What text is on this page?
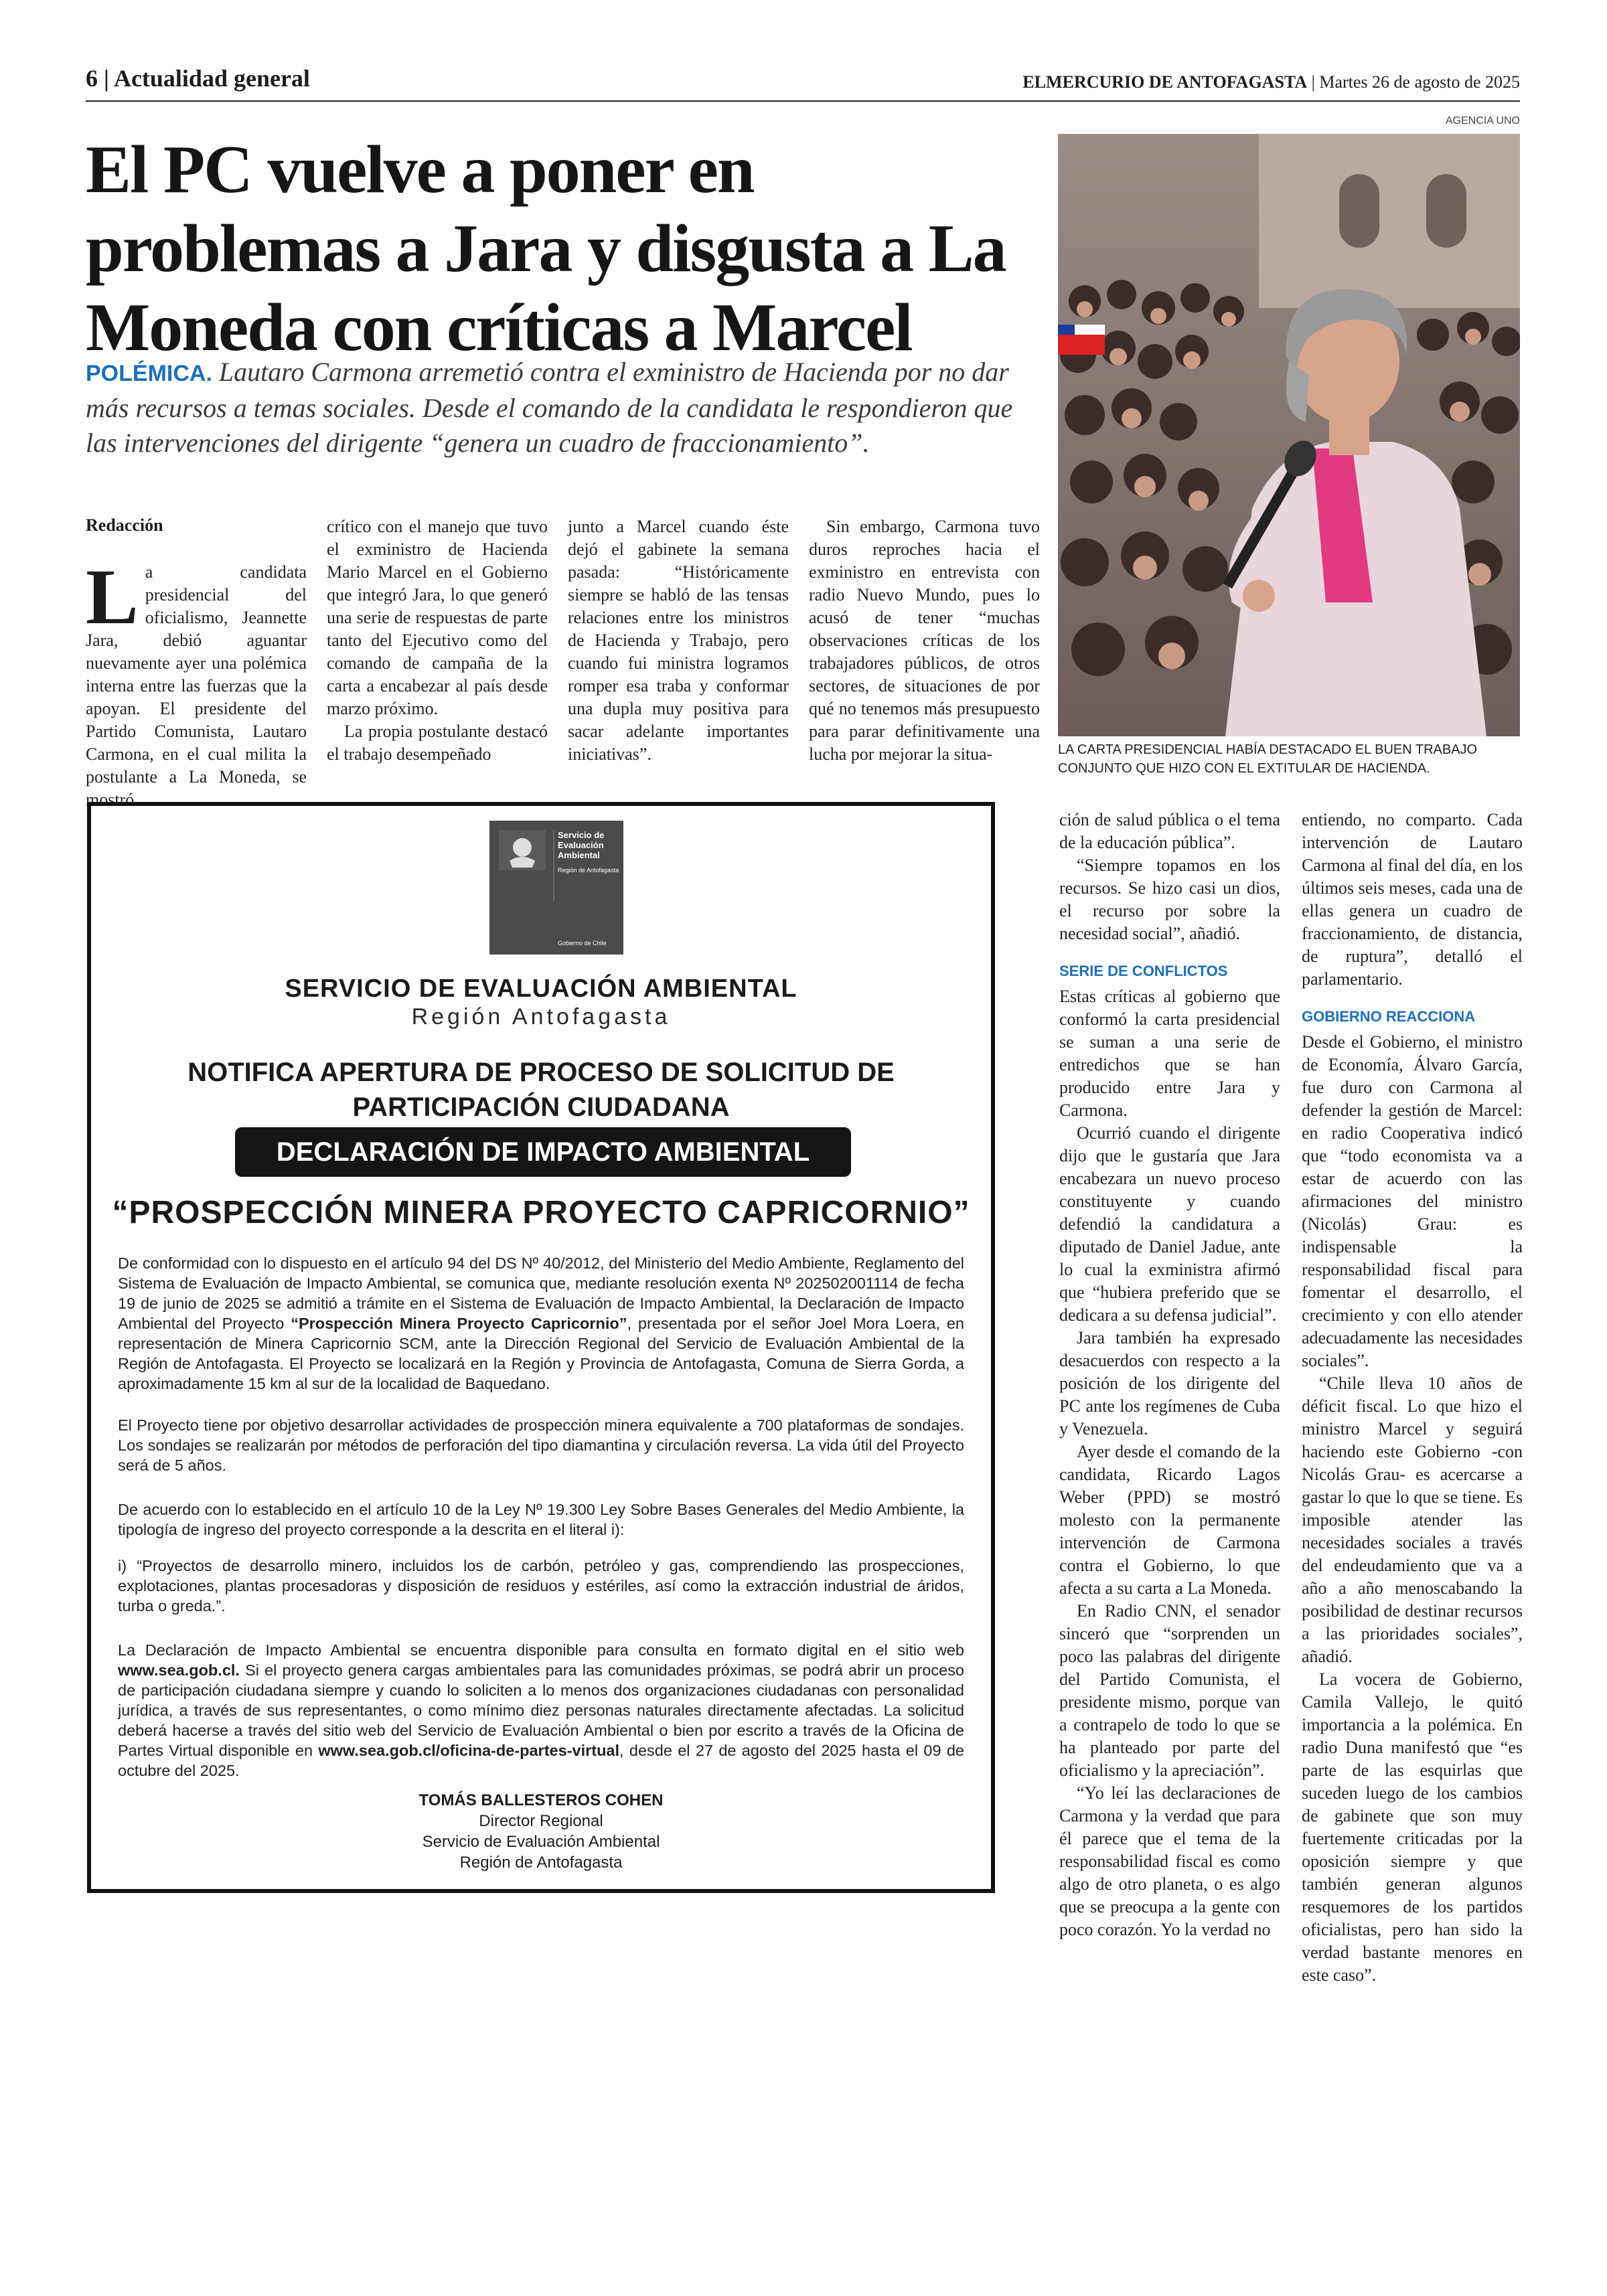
6 | Actualidad general	ELMERCURIO DE ANTOFAGASTA | Martes 26 de agosto de 2025
AGENCIA UNO
El PC vuelve a poner en problemas a Jara y disgusta a La Moneda con críticas a Marcel
POLÉMICA. Lautaro Carmona arremetió contra el exministro de Hacienda por no dar más recursos a temas sociales. Desde el comando de la candidata le respondieron que las intervenciones del dirigente “genera un cuadro de fraccionamiento”.
LA CARTA PRESIDENCIAL HABÍA DESTACADO EL BUEN TRABAJO CONJUNTO QUE HIZO CON EL EXTITULAR DE HACIENDA.
Redacción

La candidata presidencial del oficialismo, Jeannette Jara, debió aguantar nuevamente ayer una polémica interna entre las fuerzas que la apoyan. El presidente del Partido Comunista, Lautaro Carmona, en el cual milita la postulante a La Moneda, se mostró

crítico con el manejo que tuvo el exministro de Hacienda Mario Marcel en el Gobierno que integró Jara, lo que generó una serie de respuestas de parte tanto del Ejecutivo como del comando de campaña de la carta a encabezar al país desde marzo próximo.

La propia postulante destacó el trabajo desempeñado

junto a Marcel cuando éste dejó el gabinete la semana pasada: “Históricamente siempre se habló de las tensas relaciones entre los ministros de Hacienda y Trabajo, pero cuando fui ministra logramos romper esa traba y conformar una dupla muy positiva para sacar adelante importantes iniciativas”.

Sin embargo, Carmona tuvo duros reproches hacia el exministro en entrevista con radio Nuevo Mundo, pues lo acusó de tener “muchas observaciones críticas de los trabajadores públicos, de otros sectores, de situaciones de por qué no tenemos más presupuesto para parar definitivamente una lucha por mejorar la situa-

ción de salud pública o el tema de la educación pública”.

“Siempre topamos en los recursos. Se hizo casi un dios, el recurso por sobre la necesidad social”, añadió.

SERIE DE CONFLICTOS

Estas críticas al gobierno que conformó la carta presidencial se suman a una serie de entredichos que se han producido entre Jara y Carmona.

Ocurrió cuando el dirigente dijo que le gustaría que Jara encabezara un nuevo proceso constituyente y cuando defendió la candidatura a diputado de Daniel Jadue, ante lo cual la exministra afirmó que “hubiera preferido que se dedicara a su defensa judicial”.

Jara también ha expresado desacuerdos con respecto a la posición de los dirigente del PC ante los regímenes de Cuba y Venezuela.

Ayer desde el comando de la candidata, Ricardo Lagos Weber (PPD) se mostró molesto con la permanente intervención de Carmona contra el Gobierno, lo que afecta a su carta a La Moneda.

En Radio CNN, el senador sinceró que “sorprenden un poco las palabras del dirigente del Partido Comunista, el presidente mismo, porque van a contrapelo de todo lo que se ha planteado por parte del oficialismo y la apreciación”.

“Yo leí las declaraciones de Carmona y la verdad que para él parece que el tema de la responsabilidad fiscal es como algo de otro planeta, o es algo que se preocupa a la gente con poco corazón. Yo la verdad no

entiendo, no comparto. Cada intervención de Lautaro Carmona al final del día, en los últimos seis meses, cada una de ellas genera un cuadro de fraccionamiento, de distancia, de ruptura”, detalló el parlamentario.

GOBIERNO REACCIONA

Desde el Gobierno, el ministro de Economía, Álvaro García, fue duro con Carmona al defender la gestión de Marcel: en radio Cooperativa indicó que “todo economista va a estar de acuerdo con las afirmaciones del ministro (Nicolás) Grau: es indispensable la responsabilidad fiscal para fomentar el desarrollo, el crecimiento y con ello atender adecuadamente las necesidades sociales”.

“Chile lleva 10 años de déficit fiscal. Lo que hizo el ministro Marcel y seguirá haciendo este Gobierno -con Nicolás Grau- es acercarse a gastar lo que lo que se tiene. Es imposible atender las necesidades sociales a través del endeudamiento que va a año a año menoscabando la posibilidad de destinar recursos a las prioridades sociales”, añadió.

La vocera de Gobierno, Camila Vallejo, le quitó importancia a la polémica. En radio Duna manifestó que “es parte de las esquirlas que suceden luego de los cambios de gabinete que son muy fuertemente criticadas por la oposición siempre y que también generan algunos resquemores de los partidos oficialistas, pero han sido la verdad bastante menores en este caso”.

Servicio de
Evaluación
Ambiental
Región de Antofagasta
Gobierno de Chile
SERVICIO DE EVALUACIÓN AMBIENTAL
Región Antofagasta
NOTIFICA APERTURA DE PROCESO DE SOLICITUD DE
PARTICIPACIÓN CIUDADANA
DECLARACIÓN DE IMPACTO AMBIENTAL
“PROSPECCIÓN MINERA PROYECTO CAPRICORNIO”
De conformidad con lo dispuesto en el artículo 94 del DS Nº 40/2012, del Ministerio del Medio Ambiente, Reglamento del Sistema de Evaluación de Impacto Ambiental, se comunica que, mediante resolución exenta Nº 202502001114 de fecha 19 de junio de 2025 se admitió a trámite en el Sistema de Evaluación de Impacto Ambiental, la Declaración de Impacto Ambiental del Proyecto “Prospección Minera Proyecto Capricornio”, presentada por el señor Joel Mora Loera, en representación de Minera Capricornio SCM, ante la Dirección Regional del Servicio de Evaluación Ambiental de la Región de Antofagasta. El Proyecto se localizará en la Región y Provincia de Antofagasta, Comuna de Sierra Gorda, a aproximadamente 15 km al sur de la localidad de Baquedano.
El Proyecto tiene por objetivo desarrollar actividades de prospección minera equivalente a 700 plataformas de sondajes. Los sondajes se realizarán por métodos de perforación del tipo diamantina y circulación reversa. La vida útil del Proyecto será de 5 años.
De acuerdo con lo establecido en el artículo 10 de la Ley Nº 19.300 Ley Sobre Bases Generales del Medio Ambiente, la tipología de ingreso del proyecto corresponde a la descrita en el literal i):
i) “Proyectos de desarrollo minero, incluidos los de carbón, petróleo y gas, comprendiendo las prospecciones, explotaciones, plantas procesadoras y disposición de residuos y estériles, así como la extracción industrial de áridos, turba o greda.”.
La Declaración de Impacto Ambiental se encuentra disponible para consulta en formato digital en el sitio web www.sea.gob.cl. Si el proyecto genera cargas ambientales para las comunidades próximas, se podrá abrir un proceso de participación ciudadana siempre y cuando lo soliciten a lo menos dos organizaciones ciudadanas con personalidad jurídica, a través de sus representantes, o como mínimo diez personas naturales directamente afectadas. La solicitud deberá hacerse a través del sitio web del Servicio de Evaluación Ambiental o bien por escrito a través de la Oficina de Partes Virtual disponible en www.sea.gob.cl/oficina-de-partes-virtual, desde el 27 de agosto del 2025 hasta el 09 de octubre del 2025.
TOMÁS BALLESTEROS COHEN
Director Regional
Servicio de Evaluación Ambiental
Región de Antofagasta
